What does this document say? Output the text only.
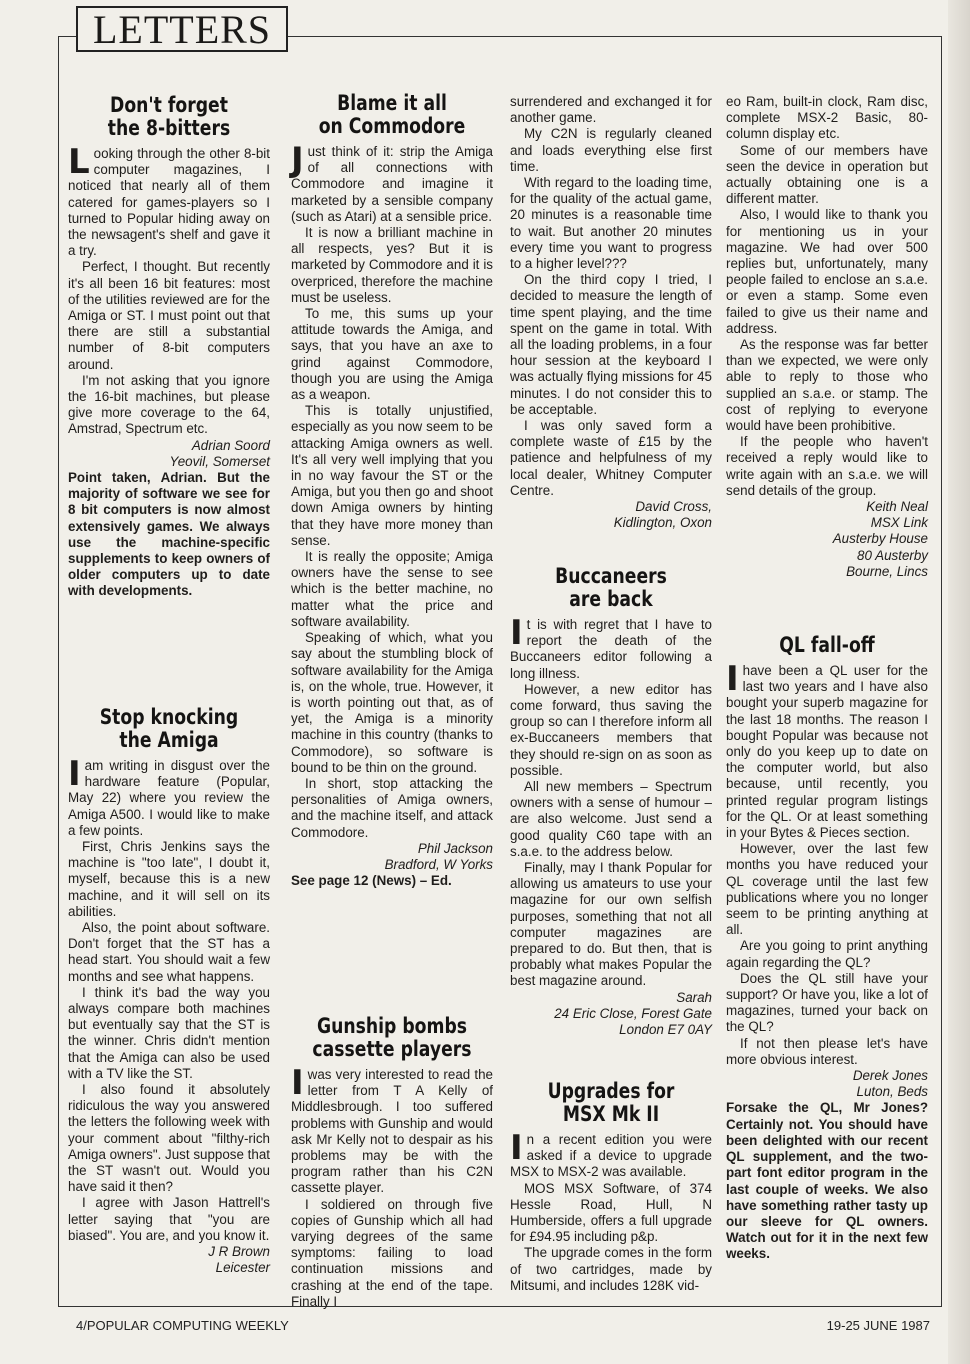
LETTERS
Don't forget
the 8-bitters
L ooking through the other 8-bit computer magazines, I noticed that nearly all of them catered for games-players so I turned to Popular hiding away on the newsagent's shelf and gave it a try.

Perfect, I thought. But recently it's all been 16 bit features: most of the utilities reviewed are for the Amiga or ST. I must point out that there are still a substantial number of 8-bit computers around.

I'm not asking that you ignore the 16-bit machines, but please give more coverage to the 64, Amstrad, Spectrum etc.

Adrian Soord

Yeovil, Somerset

Point taken, Adrian. But the majority of software we see for 8 bit computers is now almost extensively games. We always use the machine-specific supplements to keep owners of older computers up to date with developments.

Stop knocking
the Amiga
I am writing in disgust over the hardware feature (Popular, May 22) where you review the Amiga A500. I would like to make a few points.

First, Chris Jenkins says the machine is "too late", I doubt it, myself, because this is a new machine, and it will sell on its abilities.

Also, the point about software. Don't forget that the ST has a head start. You should wait a few months and see what happens.

I think it's bad the way you always compare both machines but eventually say that the ST is the winner. Chris didn't mention that the Amiga can also be used with a TV like the ST.

I also found it absolutely ridiculous the way you answered the letters the following week with your comment about "filthy-rich Amiga owners". Just suppose that the ST wasn't out. Would you have said it then?

I agree with Jason Hattrell's letter saying that "you are biased". You are, and you know it.

J R Brown

Leicester

Blame it all
on Commodore
J ust think of it: strip the Amiga of all connections with Commodore and imagine it marketed by a sensible company (such as Atari) at a sensible price.

It is now a brilliant machine in all respects, yes? But it is marketed by Commodore and it is overpriced, therefore the machine must be useless.

To me, this sums up your attitude towards the Amiga, and says, that you have an axe to grind against Commodore, though you are using the Amiga as a weapon.

This is totally unjustified, especially as you now seem to be attacking Amiga owners as well. It's all very well implying that you in no way favour the ST or the Amiga, but you then go and shoot down Amiga owners by hinting that they have more money than sense.

It is really the opposite; Amiga owners have the sense to see which is the better machine, no matter what the price and software availability.

Speaking of which, what you say about the stumbling block of software availability for the Amiga is, on the whole, true. However, it is worth pointing out that, as of yet, the Amiga is a minority machine in this country (thanks to Commodore), so software is bound to be thin on the ground.

In short, stop attacking the personalities of Amiga owners, and the machine itself, and attack Commodore.

Phil Jackson

Bradford, W Yorks

See page 12 (News) – Ed.

Gunship bombs
cassette players
I was very interested to read the letter from T A Kelly of Middlesbrough. I too suffered problems with Gunship and would ask Mr Kelly not to despair as his problems may be with the program rather than his C2N cassette player.

I soldiered on through five copies of Gunship which all had varying degrees of the same symptoms: failing to load continuation missions and crashing at the end of the tape. Finally I

surrendered and exchanged it for another game.

My C2N is regularly cleaned and loads everything else first time.

With regard to the loading time, for the quality of the actual game, 20 minutes is a reasonable time to wait. But another 20 minutes every time you want to progress to a higher level???

On the third copy I tried, I decided to measure the length of time spent playing, and the time spent on the game in total. With all the loading problems, in a four hour session at the keyboard I was actually flying missions for 45 minutes. I do not consider this to be acceptable.

I was only saved form a complete waste of £15 by the patience and helpfulness of my local dealer, Whitney Computer Centre.

David Cross,

Kidlington, Oxon

Buccaneers
are back
I t is with regret that I have to report the death of the Buccaneers editor following a long illness.

However, a new editor has come forward, thus saving the group so can I therefore inform all ex-Buccaneers members that they should re-sign on as soon as possible.

All new members – Spectrum owners with a sense of humour – are also welcome. Just send a good quality C60 tape with an s.a.e. to the address below.

Finally, may I thank Popular for allowing us amateurs to use your magazine for our own selfish purposes, something that not all computer magazines are prepared to do. But then, that is probably what makes Popular the best magazine around.

Sarah

24 Eric Close, Forest Gate

London E7 0AY

Upgrades for
MSX Mk II
I n a recent edition you were asked if a device to upgrade MSX to MSX-2 was available.

MOS MSX Software, of 374 Hessle Road, Hull, N Humberside, offers a full upgrade for £94.95 including p&p.

The upgrade comes in the form of two cartridges, made by Mitsumi, and includes 128K vid-

eo Ram, built-in clock, Ram disc, complete MSX-2 Basic, 80-column display etc.

Some of our members have seen the device in operation but actually obtaining one is a different matter.

Also, I would like to thank you for mentioning us in your magazine. We had over 500 replies but, unfortunately, many people failed to enclose an s.a.e. or even a stamp. Some even failed to give us their name and address.

As the response was far better than we expected, we were only able to reply to those who supplied an s.a.e. or stamp. The cost of replying to everyone would have been prohibitive.

If the people who haven't received a reply would like to write again with an s.a.e. we will send details of the group.

Keith Neal

MSX Link

Austerby House

80 Austerby

Bourne, Lincs

QL fall-off
I have been a QL user for the last two years and I have also bought your superb magazine for the last 18 months. The reason I bought Popular was because not only do you keep up to date on the computer world, but also because, until recently, you printed regular program listings for the QL. Or at least something in your Bytes & Pieces section.

However, over the last few months you have reduced your QL coverage until the last few publications where you no longer seem to be printing anything at all.

Are you going to print anything again regarding the QL?

Does the QL still have your support? Or have you, like a lot of magazines, turned your back on the QL?

If not then please let's have more obvious interest.

Derek Jones

Luton, Beds

Forsake the QL, Mr Jones? Certainly not. You should have been delighted with our recent QL supplement, and the two-part font editor program in the last couple of weeks. We also have something rather tasty up our sleeve for QL owners. Watch out for it in the next few weeks.

4/POPULAR COMPUTING WEEKLY	19-25 JUNE 1987
